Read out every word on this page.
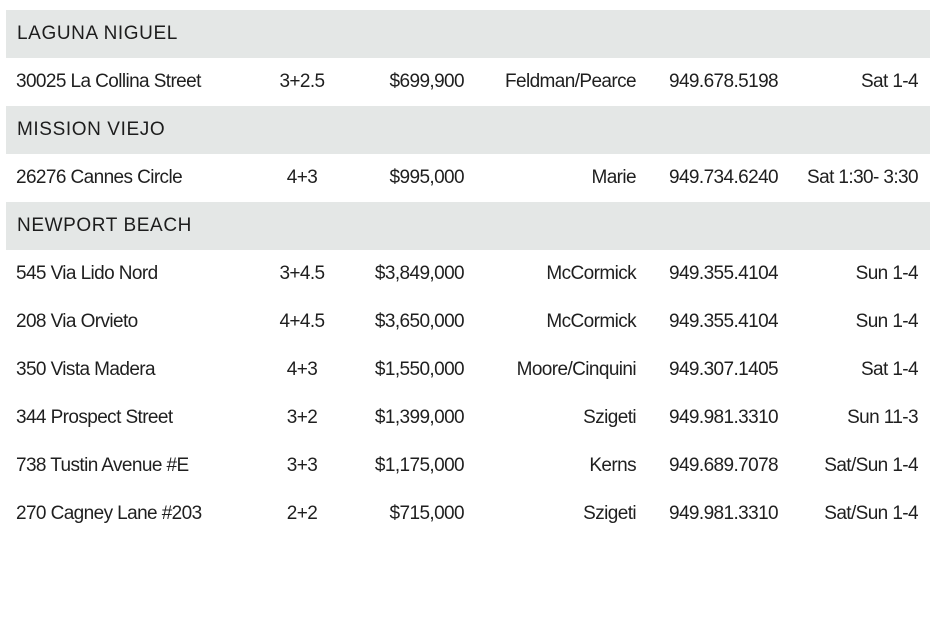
LAGUNA NIGUEL
30025 La Collina Street	3+2.5	$699,900 Feldman/Pearce 949.678.5198	Sat 1-4
MISSION VIEJO
26276 Cannes Circle	4+3	$995,000	Marie 949.734.6240 Sat 1:30- 3:30
NEWPORT BEACH
545 Via Lido Nord	3+4.5	$3,849,000	McCormick 949.355.4104	Sun 1-4
208 Via Orvieto	4+4.5	$3,650,000	McCormick 949.355.4104	Sun 1-4
350 Vista Madera	4+3	$1,550,000	Moore/Cinquini 949.307.1405	Sat 1-4
344 Prospect Street	3+2	$1,399,000	Szigeti 949.981.3310	Sun 11-3
738 Tustin Avenue #E	3+3	$1,175,000	Kerns 949.689.7078 Sat/Sun 1-4
270 Cagney Lane #203	2+2	$715,000	Szigeti 949.981.3310 Sat/Sun 1-4
